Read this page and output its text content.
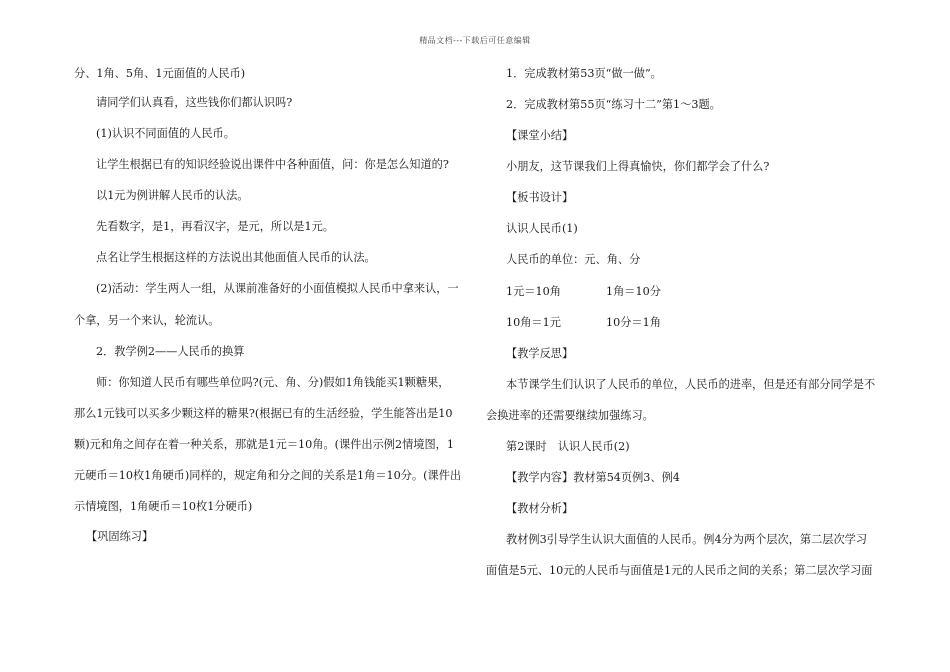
精品文档---下载后可任意编辑
分、1角、5角、1元面值的人民币)
请同学们认真看，这些钱你们都认识吗?
(1)认识不同面值的人民币。
让学生根据已有的知识经验说出课件中各种面值，问：你是怎么知道的?
以1元为例讲解人民币的认法。
先看数字，是1，再看汉字，是元，所以是1元。
点名让学生根据这样的方法说出其他面值人民币的认法。
(2)活动：学生两人一组，从课前准备好的小面值模拟人民币中拿来认，一
个拿，另一个来认，轮流认。
2．教学例2——人民币的换算
师：你知道人民币有哪些单位吗?(元、角、分)假如1角钱能买1颗糖果，
那么1元钱可以买多少颗这样的糖果?(根据已有的生活经验，学生能答出是10
颗)元和角之间存在着一种关系，那就是1元＝10角。(课件出示例2情境图，1
元硬币＝10枚1角硬币)同样的，规定角和分之间的关系是1角＝10分。(课件出
示情境图，1角硬币＝10枚1分硬币)
【巩固练习】
1．完成教材第53页“做一做”。
2．完成教材第55页“练习十二”第1～3题。
【课堂小结】
小朋友，这节课我们上得真愉快，你们都学会了什么?
【板书设计】
认识人民币(1)
人民币的单位：元、角、分
1元＝10角	1角＝10分
10角＝1元	10分＝1角
【教学反思】
本节课学生们认识了人民币的单位，人民币的进率，但是还有部分同学是不
会换进率的还需要继续加强练习。
第2课时　认识人民币(2)
【教学内容】教材第54页例3、例4
【教材分析】
教材例3引导学生认识大面值的人民币。例4分为两个层次，第二层次学习
面值是5元、10元的人民币与面值是1元的人民币之间的关系；第二层次学习面
